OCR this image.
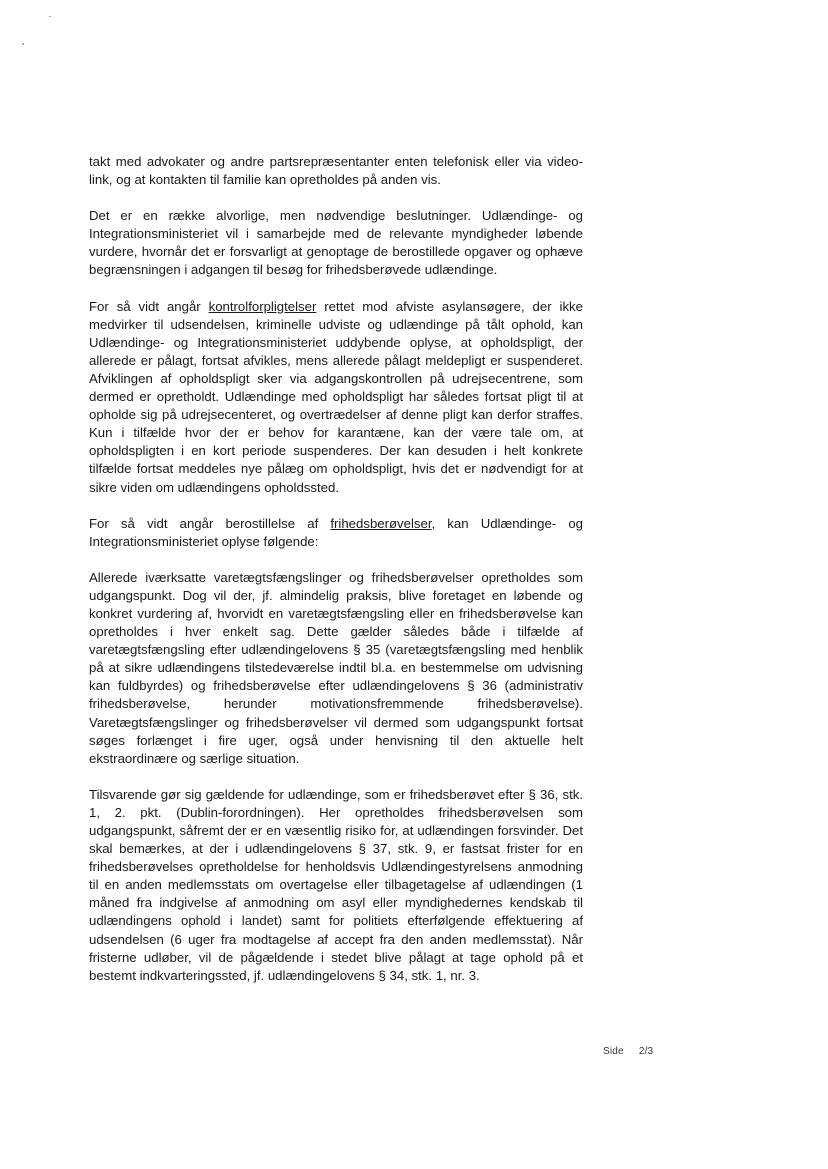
takt med advokater og andre partsrepræsentanter enten telefonisk eller via video-link, og at kontakten til familie kan opretholdes på anden vis.

Det er en række alvorlige, men nødvendige beslutninger. Udlændinge- og Integrationsministeriet vil i samarbejde med de relevante myndigheder løbende vurdere, hvornår det er forsvarligt at genoptage de berostillede opgaver og ophæve begrænsningen i adgangen til besøg for frihedsberøvede udlændinge.

For så vidt angår kontrolforpligtelser rettet mod afviste asylansøgere, der ikke medvirker til udsendelsen, kriminelle udviste og udlændinge på tålt ophold, kan Udlændinge- og Integrationsministeriet uddybende oplyse, at opholdspligt, der allerede er pålagt, fortsat afvikles, mens allerede pålagt meldepligt er suspenderet. Afviklingen af opholdspligt sker via adgangskontrollen på udrejsecentrene, som dermed er opretholdt. Udlændinge med opholdspligt har således fortsat pligt til at opholde sig på udrejsecenteret, og overtrædelser af denne pligt kan derfor straffes. Kun i tilfælde hvor der er behov for karantæne, kan der være tale om, at opholdspligten i en kort periode suspenderes. Der kan desuden i helt konkrete tilfælde fortsat meddeles nye pålæg om opholdspligt, hvis det er nødvendigt for at sikre viden om udlændingens opholdssted.

For så vidt angår berostillelse af frihedsberøvelser, kan Udlændinge- og Integrationsministeriet oplyse følgende:

Allerede iværksatte varetægtsfængslinger og frihedsberøvelser opretholdes som udgangspunkt. Dog vil der, jf. almindelig praksis, blive foretaget en løbende og konkret vurdering af, hvorvidt en varetægtsfængsling eller en frihedsberøvelse kan opretholdes i hver enkelt sag. Dette gælder således både i tilfælde af varetægtsfængsling efter udlændingelovens § 35 (varetægtsfængsling med henblik på at sikre udlændingens tilstedeværelse indtil bl.a. en bestemmelse om udvisning kan fuldbyrdes) og frihedsberøvelse efter udlændingelovens § 36 (administrativ frihedsberøvelse, herunder motivationsfremmende frihedsberøvelse). Varetægtsfængslinger og frihedsberøvelser vil dermed som udgangspunkt fortsat søges forlænget i fire uger, også under henvisning til den aktuelle helt ekstraordinære og særlige situation.

Tilsvarende gør sig gældende for udlændinge, som er frihedsberøvet efter § 36, stk. 1, 2. pkt. (Dublin-forordningen). Her opretholdes frihedsberøvelsen som udgangspunkt, såfremt der er en væsentlig risiko for, at udlændingen forsvinder. Det skal bemærkes, at der i udlændingelovens § 37, stk. 9, er fastsat frister for en frihedsberøvelses opretholdelse for henholdsvis Udlændingestyrelsens anmodning til en anden medlemsstats om overtagelse eller tilbagetagelse af udlændingen (1 måned fra indgivelse af anmodning om asyl eller myndighedernes kendskab til udlændingens ophold i landet) samt for politiets efterfølgende effektuering af udsendelsen (6 uger fra modtagelse af accept fra den anden medlemsstat). Når fristerne udløber, vil de pågældende i stedet blive pålagt at tage ophold på et bestemt indkvarteringssted, jf. udlændingelovens § 34, stk. 1, nr. 3.

Side 2/3
